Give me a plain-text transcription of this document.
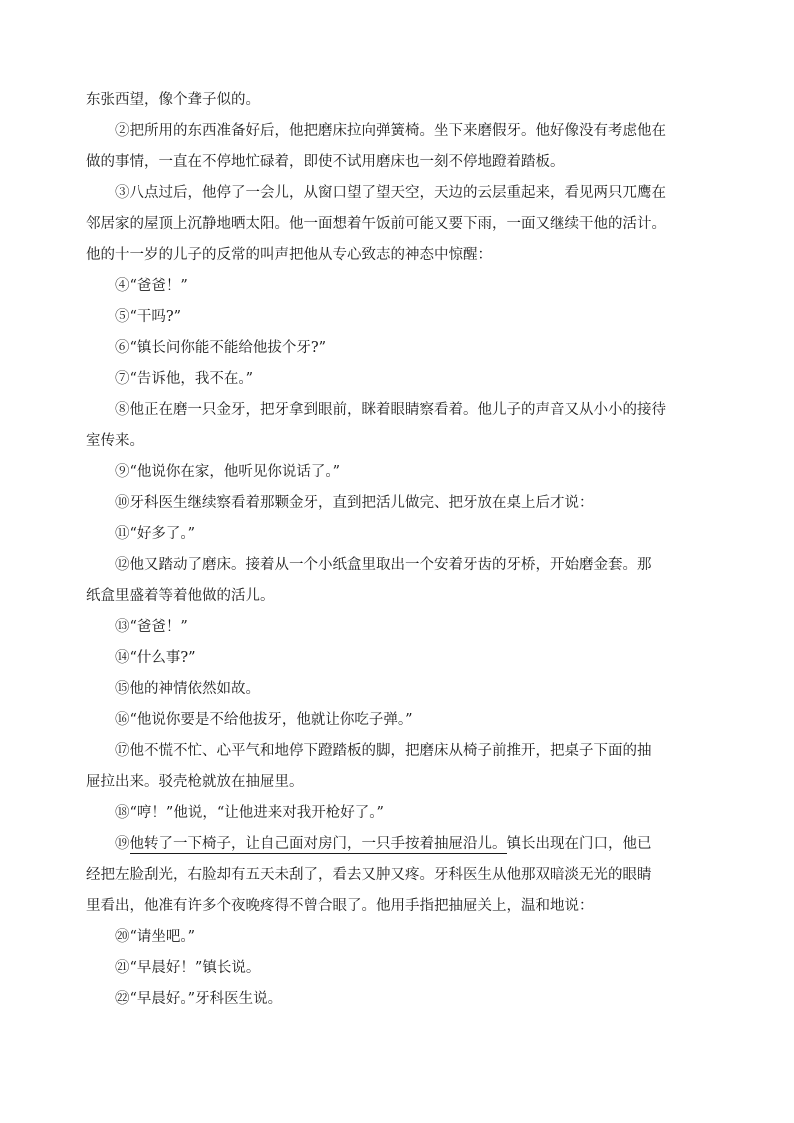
东张西望，像个聋子似的。
②把所用的东西准备好后，他把磨床拉向弹簧椅。坐下来磨假牙。他好像没有考虑他在
做的事情，一直在不停地忙碌着，即使不试用磨床也一刻不停地蹬着踏板。
③八点过后，他停了一会儿，从窗口望了望天空，天边的云层重起来，看见两只兀鹰在
邻居家的屋顶上沉静地晒太阳。他一面想着午饭前可能又要下雨，一面又继续干他的活计。
他的十一岁的儿子的反常的叫声把他从专心致志的神态中惊醒：
④“爸爸！”
⑤“干吗?”
⑥“镇长问你能不能给他拔个牙?”
⑦“告诉他，我不在。”
⑧他正在磨一只金牙，把牙拿到眼前，眯着眼睛察看着。他儿子的声音又从小小的接待
室传来。
⑨“他说你在家，他听见你说话了。”
⑩牙科医生继续察看着那颗金牙，直到把活儿做完、把牙放在桌上后才说：
⑪“好多了。”
⑫他又踏动了磨床。接着从一个小纸盒里取出一个安着牙齿的牙桥，开始磨金套。那
纸盒里盛着等着他做的活儿。
⑬“爸爸！”
⑭“什么事?”
⑮他的神情依然如故。
⑯“他说你要是不给他拔牙，他就让你吃子弹。”
⑰他不慌不忙、心平气和地停下蹬踏板的脚，把磨床从椅子前推开，把桌子下面的抽
屉拉出来。驳壳枪就放在抽屉里。
⑱“哼！”他说，“让他进来对我开枪好了。”
⑲他转了一下椅子，让自己面对房门，一只手按着抽屉沿儿。镇长出现在门口，他已
经把左脸刮光，右脸却有五天未刮了，看去又肿又疼。牙科医生从他那双暗淡无光的眼睛
里看出，他准有许多个夜晚疼得不曾合眼了。他用手指把抽屉关上，温和地说：
⑳“请坐吧。”
㉑“早晨好！”镇长说。
㉒“早晨好。”牙科医生说。
